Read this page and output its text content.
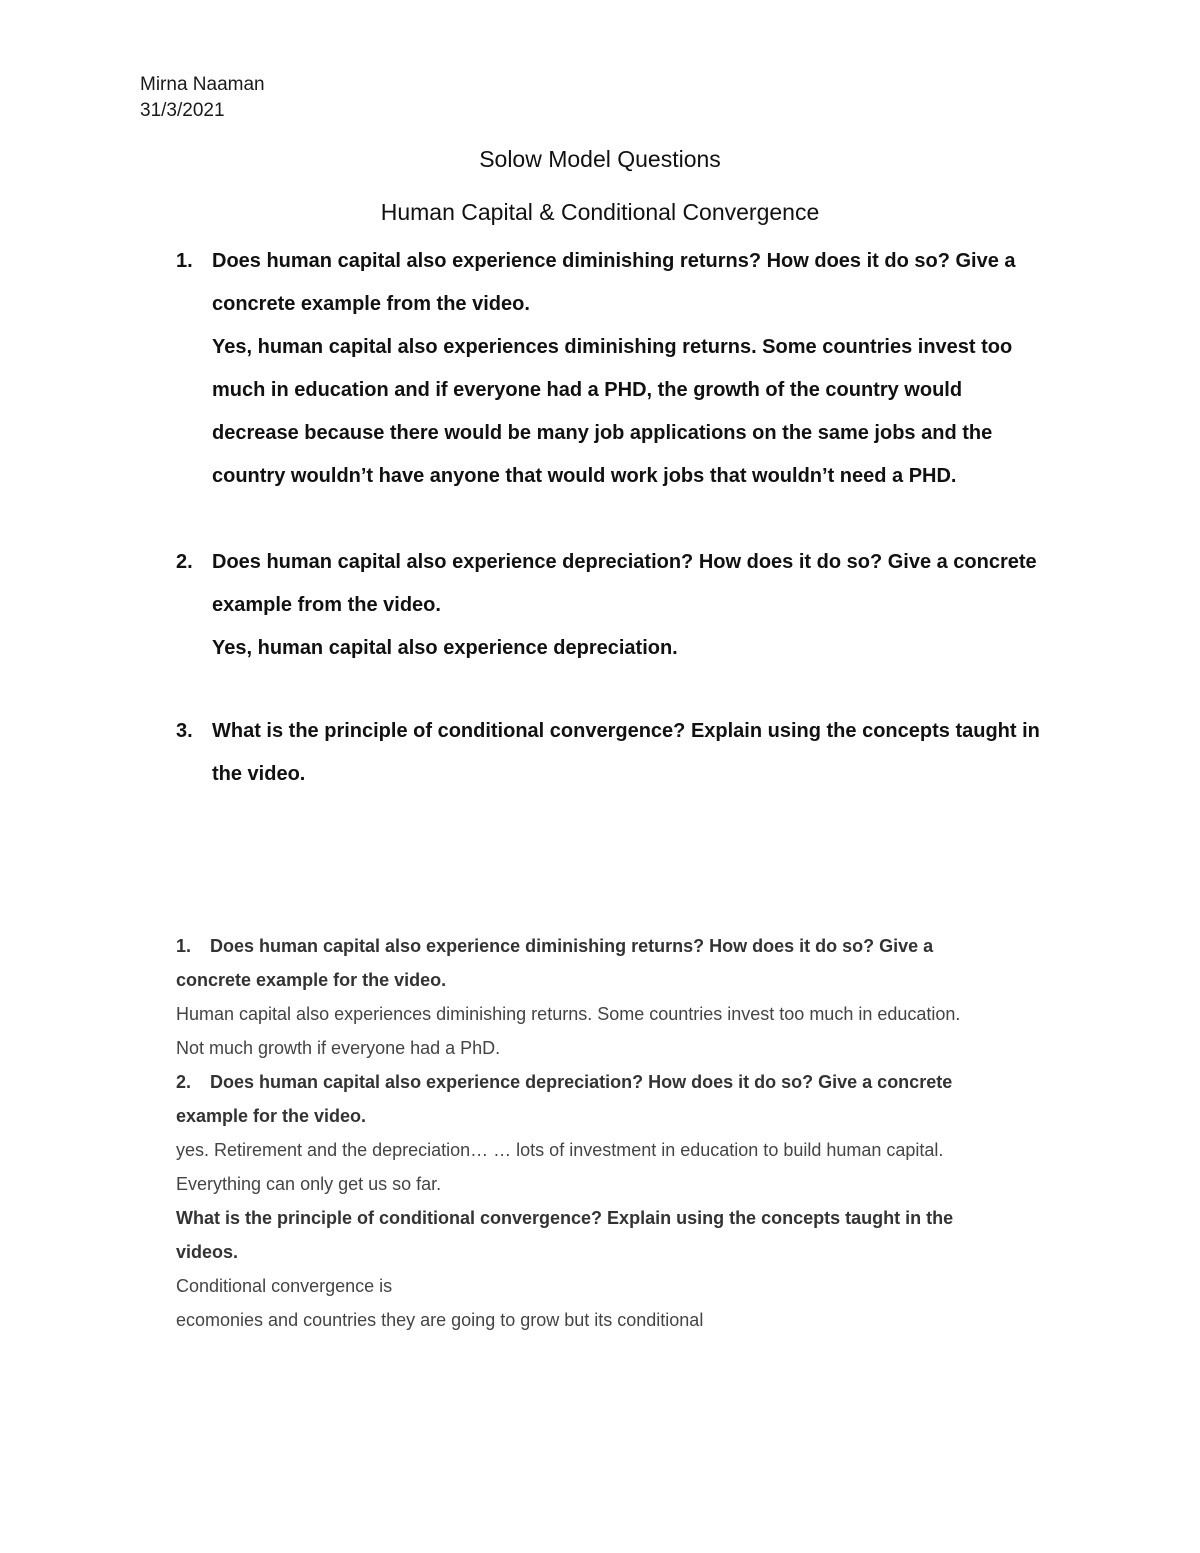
Mirna Naaman
31/3/2021
Solow Model Questions
Human Capital & Conditional Convergence
1. Does human capital also experience diminishing returns? How does it do so? Give a
concrete example from the video.
Yes, human capital also experiences diminishing returns. Some countries invest too
much in education and if everyone had a PHD, the growth of the country would
decrease because there would be many job applications on the same jobs and the
country wouldn’t have anyone that would work jobs that wouldn’t need a PHD.
2. Does human capital also experience depreciation? How does it do so? Give a concrete
example from the video.
Yes, human capital also experience depreciation.
3. What is the principle of conditional convergence? Explain using the concepts taught in
the video.
1. Does human capital also experience diminishing returns? How does it do so? Give a
concrete example for the video.
Human capital also experiences diminishing returns. Some countries invest too much in education.
Not much growth if everyone had a PhD.
2. Does human capital also experience depreciation? How does it do so? Give a concrete
example for the video.
yes. Retirement and the depreciation… … lots of investment in education to build human capital.
Everything can only get us so far.
What is the principle of conditional convergence? Explain using the concepts taught in the
videos.
Conditional convergence is
ecomonies and countries they are going to grow but its conditional
